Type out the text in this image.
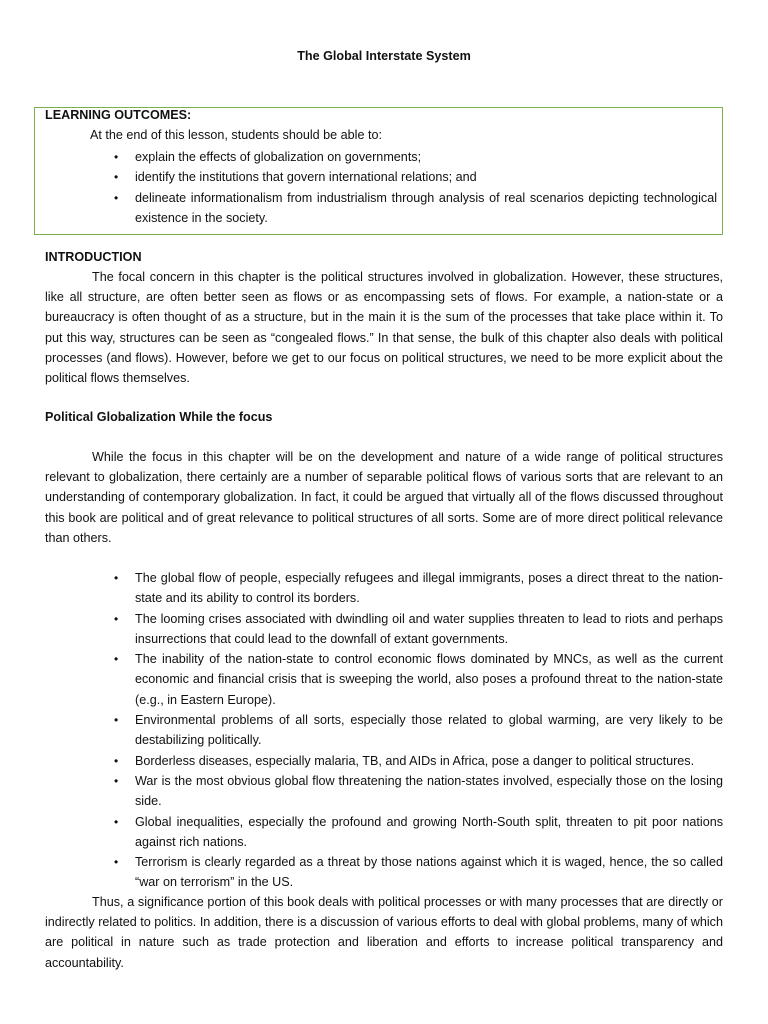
The Global Interstate System
LEARNING OUTCOMES:
At the end of this lesson, students should be able to:
• explain the effects of globalization on governments;
• identify the institutions that govern international relations; and
• delineate informationalism from industrialism through analysis of real scenarios depicting technological existence in the society.
INTRODUCTION

The focal concern in this chapter is the political structures involved in globalization. However, these structures, like all structure, are often better seen as flows or as encompassing sets of flows. For example, a nation-state or a bureaucracy is often thought of as a structure, but in the main it is the sum of the processes that take place within it. To put this way, structures can be seen as “congealed flows.” In that sense, the bulk of this chapter also deals with political processes (and flows). However, before we get to our focus on political structures, we need to be more explicit about the political flows themselves.

Political Globalization While the focus

While the focus in this chapter will be on the development and nature of a wide range of political structures relevant to globalization, there certainly are a number of separable political flows of various sorts that are relevant to an understanding of contemporary globalization. In fact, it could be argued that virtually all of the flows discussed throughout this book are political and of great relevance to political structures of all sorts. Some are of more direct political relevance than others.

• The global flow of people, especially refugees and illegal immigrants, poses a direct threat to the nation-state and its ability to control its borders.
• The looming crises associated with dwindling oil and water supplies threaten to lead to riots and perhaps insurrections that could lead to the downfall of extant governments.
• The inability of the nation-state to control economic flows dominated by MNCs, as well as the current economic and financial crisis that is sweeping the world, also poses a profound threat to the nation-state (e.g., in Eastern Europe).
• Environmental problems of all sorts, especially those related to global warming, are very likely to be destabilizing politically.
• Borderless diseases, especially malaria, TB, and AIDs in Africa, pose a danger to political structures.
• War is the most obvious global flow threatening the nation-states involved, especially those on the losing side.
• Global inequalities, especially the profound and growing North-South split, threaten to pit poor nations against rich nations.
• Terrorism is clearly regarded as a threat by those nations against which it is waged, hence, the so called “war on terrorism” in the US.

Thus, a significance portion of this book deals with political processes or with many processes that are directly or indirectly related to politics. In addition, there is a discussion of various efforts to deal with global problems, many of which are political in nature such as trade protection and liberation and efforts to increase political transparency and accountability.
